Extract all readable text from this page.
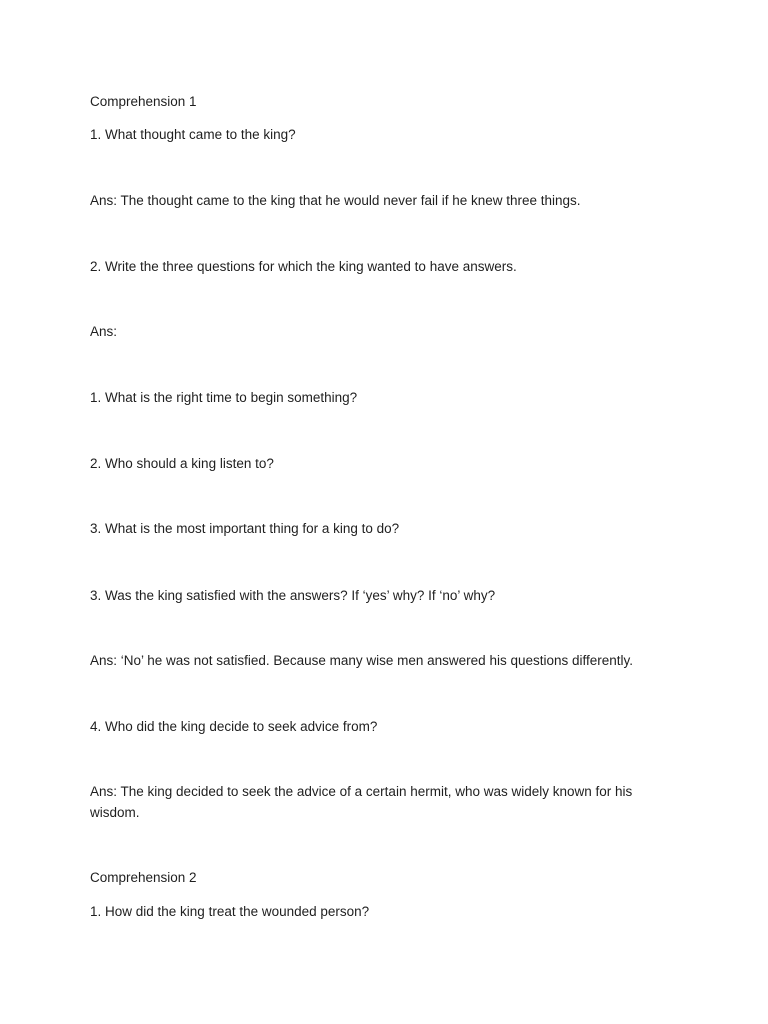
Comprehension 1

1. What thought came to the king?

Ans: The thought came to the king that he would never fail if he knew three things.

2. Write the three questions for which the king wanted to have answers.

Ans:

1. What is the right time to begin something?

2. Who should a king listen to?

3. What is the most important thing for a king to do?

3. Was the king satisfied with the answers? If ‘yes’ why? If ‘no’ why?

Ans: ‘No’ he was not satisfied. Because many wise men answered his questions differently.

4. Who did the king decide to seek advice from?

Ans: The king decided to seek the advice of a certain hermit, who was widely known for his wisdom.

Comprehension 2

1. How did the king treat the wounded person?
